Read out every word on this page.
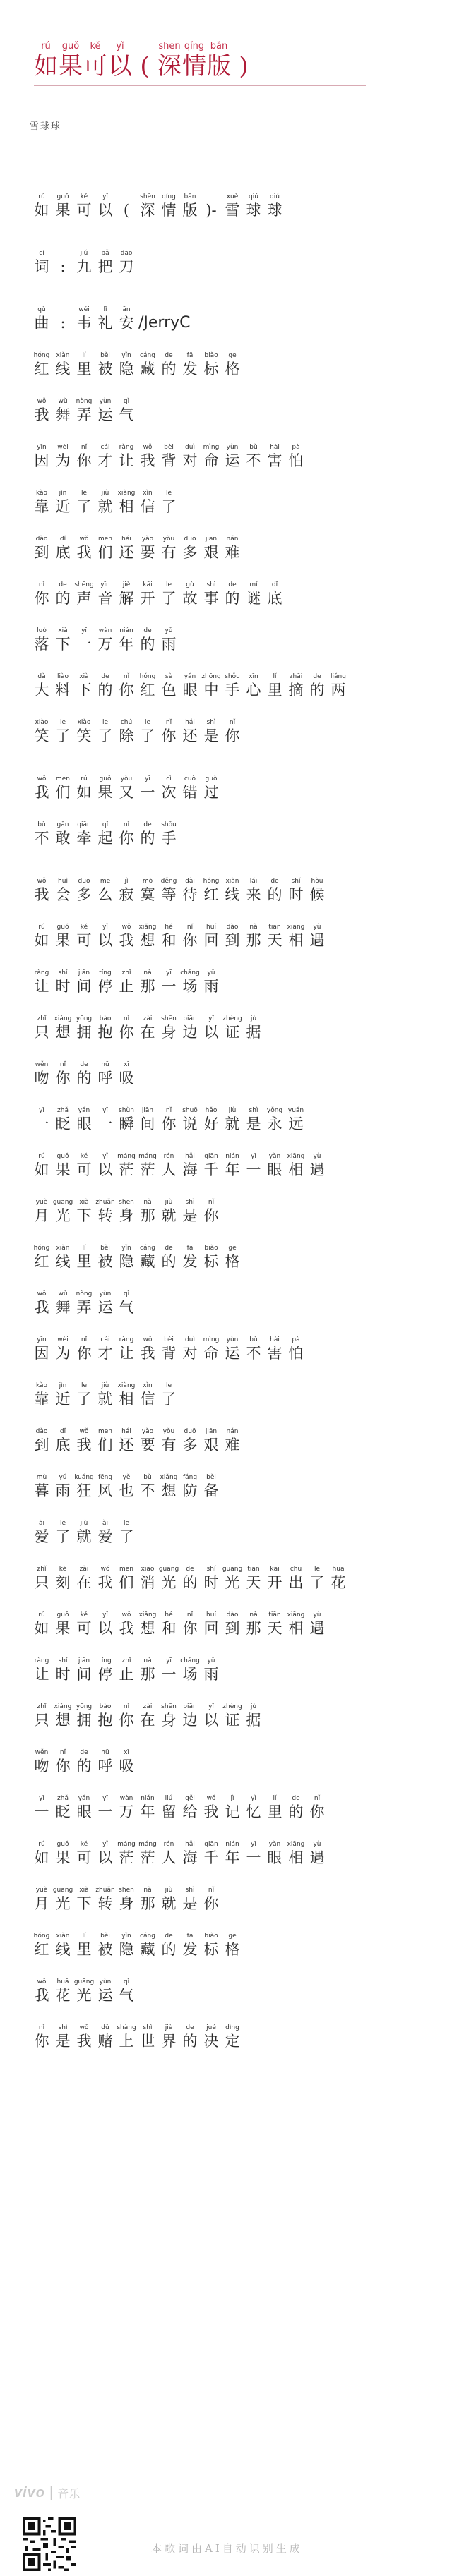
rú
如
guǒ
果
kě
可
yǐ
以 (
shēn
深
qíng
情
bǎn
版 )
雪球球
rú
如
guǒ
果
kě
可
yǐ
以 (
shēn
深
qíng
情
bǎn
版 )-
xuě
雪
qiú
球
qiú
球
cí
词 :
jiǔ
九
bǎ
把
dāo
刀
qǔ
曲 :
wéi
韦
lǐ
礼
ān
安 /JerryC
hóng
红
xiàn
线
lí
里
bèi
被
yǐn
隐
cáng
藏
de
的
fā
发
biǎo
标
ge
格
wǒ
我
wǔ
舞
nòng
弄
yùn
运
qì
气
yīn
因
wèi
为
nǐ
你
cái
才
ràng
让
wǒ
我
bèi
背
duì
对
mìng
命
yùn
运
bù
不
hài
害
pà
怕
kào
靠
jìn
近
le
了
jiù
就
xiàng
相
xìn
信
le
了
dào
到
dǐ
底
wǒ
我
men
们
hái
还
yào
要
yǒu
有
duō
多
jiān
艰
nán
难
nǐ
你
de
的
shēng
声
yīn
音
jiě
解
kāi
开
le
了
gù
故
shì
事
de
的
mí
谜
dǐ
底
luò
落
xià
下
yī
一
wàn
万
nián
年
de
的
yǔ
雨
dà
大
liào
料
xià
下
de
的
nǐ
你
hóng
红
sè
色
yǎn
眼
zhōng
中
shǒu
手
xīn
心
lǐ
里
zhāi
摘
de
的
liǎng
两
xiào
笑
le
了
xiào
笑
le
了
chú
除
le
了
nǐ
你
hái
还
shì
是
nǐ
你
wǒ
我
men
们
rú
如
guǒ
果
yòu
又
yī
一
cì
次
cuò
错
guò
过
bù
不
gǎn
敢
qiān
牵
qǐ
起
nǐ
你
de
的
shǒu
手
wǒ
我
huì
会
duō
多
me
么
jì
寂
mò
寞
děng
等
dài
待
hóng
红
xiàn
线
lái
来
de
的
shí
时
hòu
候
rú
如
guǒ
果
kě
可
yǐ
以
wǒ
我
xiǎng
想
hé
和
nǐ
你
huí
回
dào
到
nà
那
tiān
天
xiāng
相
yù
遇
ràng
让
shí
时
jiān
间
tíng
停
zhǐ
止
nà
那
yī
一
chǎng
场
yǔ
雨
zhǐ
只
xiǎng
想
yōng
拥
bào
抱
nǐ
你
zài
在
shēn
身
biān
边
yǐ
以
zhèng
证
jù
据
wěn
吻
nǐ
你
de
的
hū
呼
xī
吸
yī
一
zhǎ
眨
yǎn
眼
yī
一
shùn
瞬
jiān
间
nǐ
你
shuō
说
hǎo
好
jiù
就
shì
是
yǒng
永
yuǎn
远
rú
如
guǒ
果
kě
可
yǐ
以
máng
茫
máng
茫
rén
人
hǎi
海
qiān
千
nián
年
yī
一
yǎn
眼
xiāng
相
yù
遇
yuè
月
guāng
光
xià
下
zhuǎn
转
shēn
身
nà
那
jiù
就
shì
是
nǐ
你
hóng
红
xiàn
线
lí
里
bèi
被
yǐn
隐
cáng
藏
de
的
fā
发
biǎo
标
ge
格
wǒ
我
wǔ
舞
nòng
弄
yùn
运
qì
气
yīn
因
wèi
为
nǐ
你
cái
才
ràng
让
wǒ
我
bèi
背
duì
对
mìng
命
yùn
运
bù
不
hài
害
pà
怕
kào
靠
jìn
近
le
了
jiù
就
xiàng
相
xìn
信
le
了
dào
到
dǐ
底
wǒ
我
men
们
hái
还
yào
要
yǒu
有
duō
多
jiān
艰
nán
难
mù
暮
yǔ
雨
kuáng
狂
fēng
风
yě
也
bù
不
xiǎng
想
fáng
防
bèi
备
ài
爱
le
了
jiù
就
ài
爱
le
了
zhǐ
只
kè
刻
zài
在
wǒ
我
men
们
xiāo
消
guāng
光
de
的
shí
时
guāng
光
tiān
天
kāi
开
chū
出
le
了
huā
花
rú
如
guǒ
果
kě
可
yǐ
以
wǒ
我
xiǎng
想
hé
和
nǐ
你
huí
回
dào
到
nà
那
tiān
天
xiāng
相
yù
遇
ràng
让
shí
时
jiān
间
tíng
停
zhǐ
止
nà
那
yī
一
chǎng
场
yǔ
雨
zhǐ
只
xiǎng
想
yōng
拥
bào
抱
nǐ
你
zài
在
shēn
身
biān
边
yǐ
以
zhèng
证
jù
据
wěn
吻
nǐ
你
de
的
hū
呼
xī
吸
yī
一
zhǎ
眨
yǎn
眼
yī
一
wàn
万
nián
年
liú
留
gěi
给
wǒ
我
jì
记
yì
忆
lǐ
里
de
的
nǐ
你
rú
如
guǒ
果
kě
可
yǐ
以
máng
茫
máng
茫
rén
人
hǎi
海
qiān
千
nián
年
yī
一
yǎn
眼
xiāng
相
yù
遇
yuè
月
guāng
光
xià
下
zhuǎn
转
shēn
身
nà
那
jiù
就
shì
是
nǐ
你
hóng
红
xiàn
线
lí
里
bèi
被
yǐn
隐
cáng
藏
de
的
fā
发
biǎo
标
ge
格
wǒ
我
huā
花
guāng
光
yùn
运
qì
气
nǐ
你
shì
是
wǒ
我
dǔ
赌
shàng
上
shì
世
jiè
界
de
的
jué
决
dìng
定
vivo | 音乐
本歌词由AI自动识别生成
